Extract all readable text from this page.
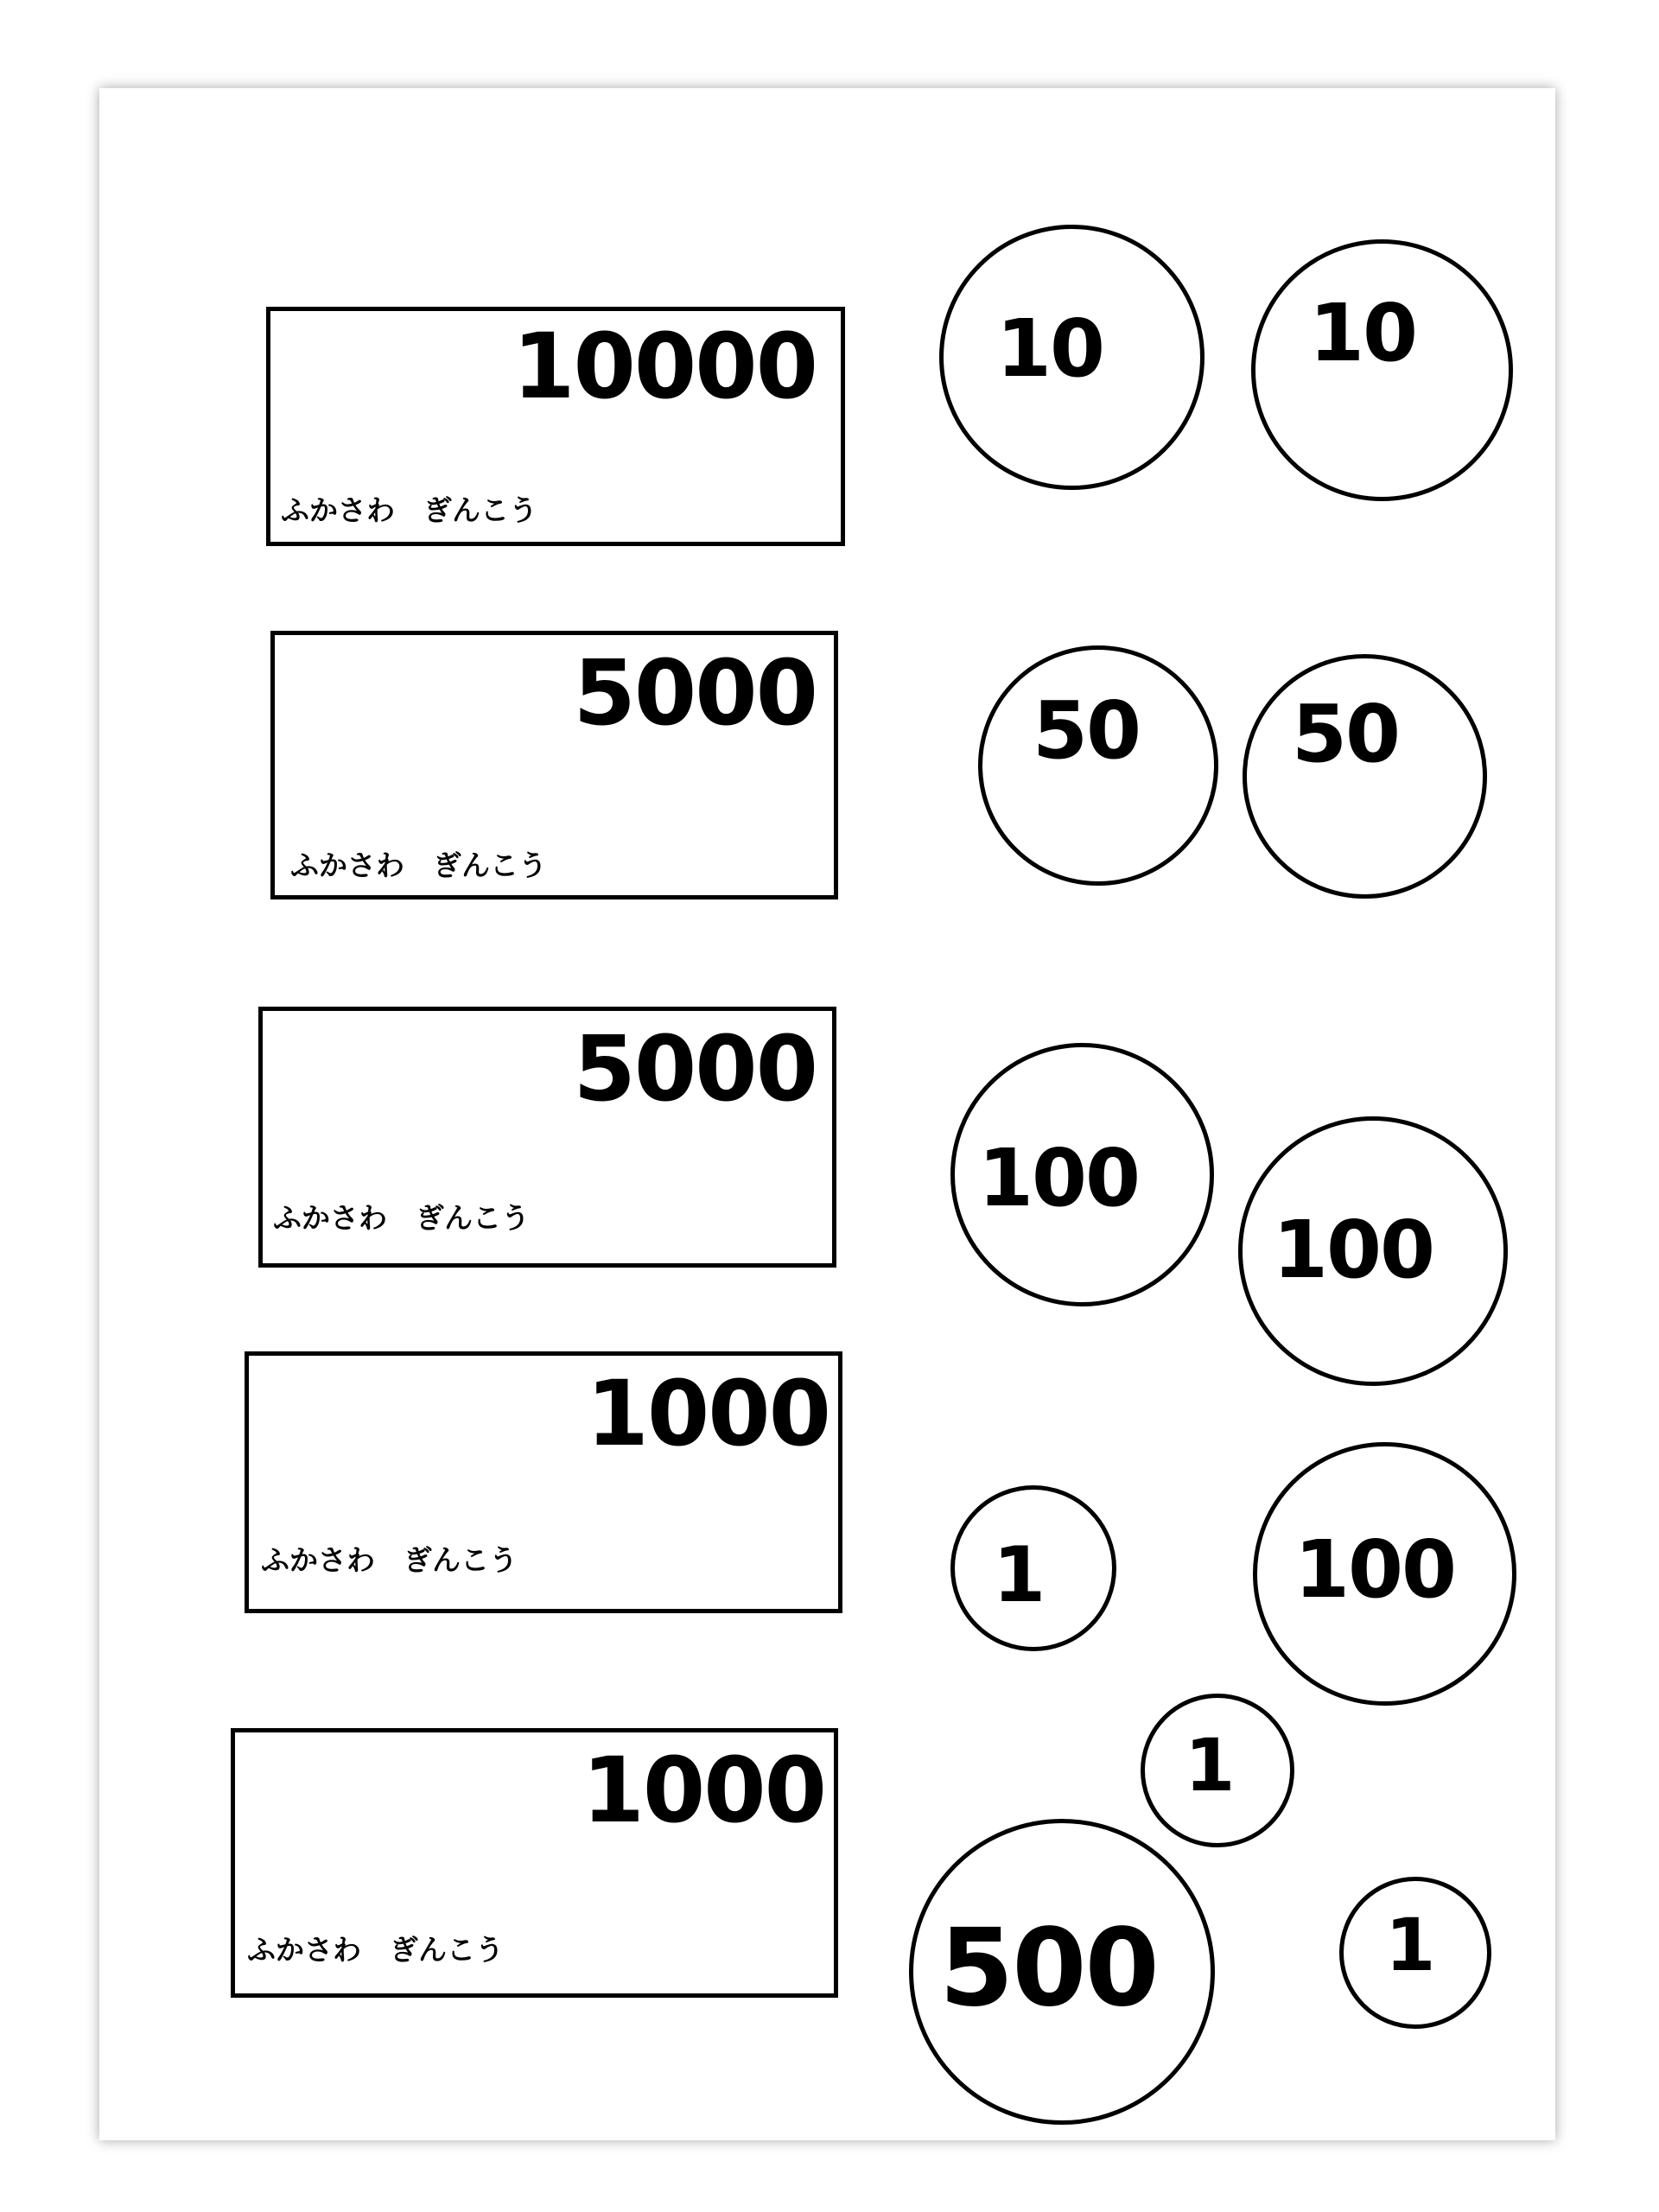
10000
ふかさわ　ぎんこう
5000
ふかさわ　ぎんこう
5000
ふかさわ　ぎんこう
1000
ふかさわ　ぎんこう
1000
ふかさわ　ぎんこう
10	10
50 50
100
100
1	100
1
500	1
